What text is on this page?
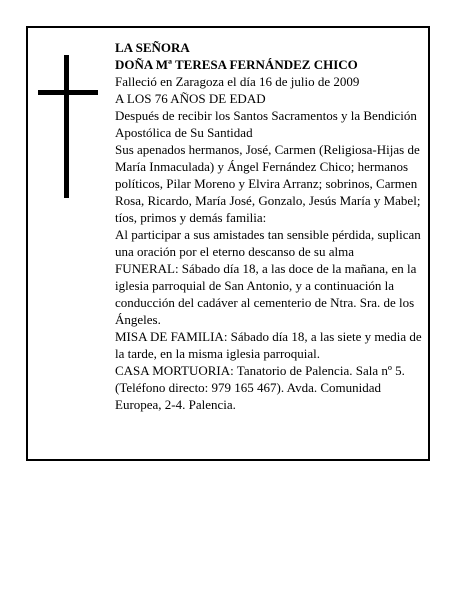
LA SEÑORA

DOÑA Mª TERESA FERNÁNDEZ CHICO

Falleció en Zaragoza el día 16 de julio de 2009

A LOS 76 AÑOS DE EDAD

Después de recibir los Santos Sacramentos y la Bendición Apostólica de Su Santidad

Sus apenados hermanos, José, Carmen (Religiosa-Hijas de María Inmaculada) y Ángel Fernández Chico; hermanos políticos, Pilar Moreno y Elvira Arranz; sobrinos, Carmen Rosa, Ricardo, María José, Gonzalo, Jesús María y Mabel; tíos, primos y demás familia:

Al participar a sus amistades tan sensible pérdida, suplican una oración por el eterno descanso de su alma

FUNERAL: Sábado día 18, a las doce de la mañana, en la iglesia parroquial de San Antonio, y a continuación la conducción del cadáver al cementerio de Ntra. Sra. de los Ángeles.

MISA DE FAMILIA: Sábado día 18, a las siete y media de la tarde, en la misma iglesia parroquial.

CASA MORTUORIA: Tanatorio de Palencia. Sala nº 5. (Teléfono directo: 979 165 467). Avda. Comunidad Europea, 2-4. Palencia.
